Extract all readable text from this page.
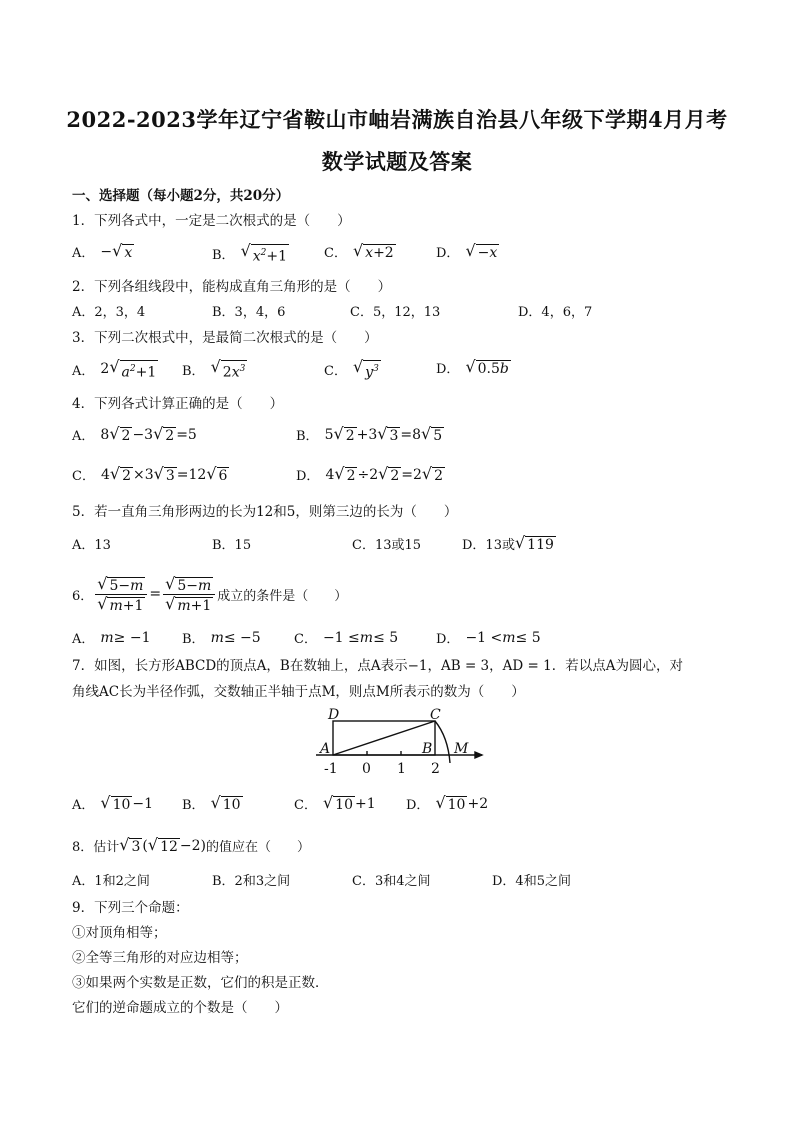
2022-2023学年辽宁省鞍山市岫岩满族自治县八年级下学期4月月考
数学试题及答案
一、选择题（每小题2分，共20分）
1．下列各式中，一定是二次根式的是（　　）
A． − √ x	B． √ $x^2+1$	C． √ x+2	D． √ −x
2．下列各组线段中，能构成直角三角形的是（　　）
A．2，3，4	B．3，4，6	C．5，12，13	D．4，6，7
3．下列二次根式中，是最简二次根式的是（　　）
A． 2 √ $a^2+1$ B． √ $2x^3$	C． √ $y^3$	D． √ 0.5b
4．下列各式计算正确的是（　　）
A． 8 √ 2 −3 √ 2 =5	B． 5 √ 2 +3 √ 3 =8 √ 5
C． 4 √ 2 ×3 √ 3 =12 √ 6	D． 4 √ 2 ÷2 √ 2 =2 √ 2
5．若一直角三角形两边的长为12和5，则第三边的长为（　　）
A．13	B．15	C．13或15	D．13或 √ 119
6． $\frac{√ 5-m}{√ m+1} = \frac{√ 5-m}{√ m+1}$ 成立的条件是（　　）
A． m ≥ −1 B． m ≤ −5	C． −1 ≤ m ≤ 5	D． −1 < m ≤ 5
7．如图，长方形ABCD的顶点A，B在数轴上，点A表示−1，AB = 3，AD = 1．若以点A为圆心，对
角线AC长为半径作弧，交数轴正半轴于点M，则点M所表示的数为（　　）
D	C
A	B M
-1 0 1 2
A． √ 10 −1 B． √ 10	C． √ 10 +1 D． √ 10 +2
8．估计 √ 3 ( √ 12 −2) 的值应在（　　）
A．1和2之间	B．2和3之间	C．3和4之间	D．4和5之间
9．下列三个命题：
①对顶角相等；
②全等三角形的对应边相等；
③如果两个实数是正数，它们的积是正数．
它们的逆命题成立的个数是（　　）
